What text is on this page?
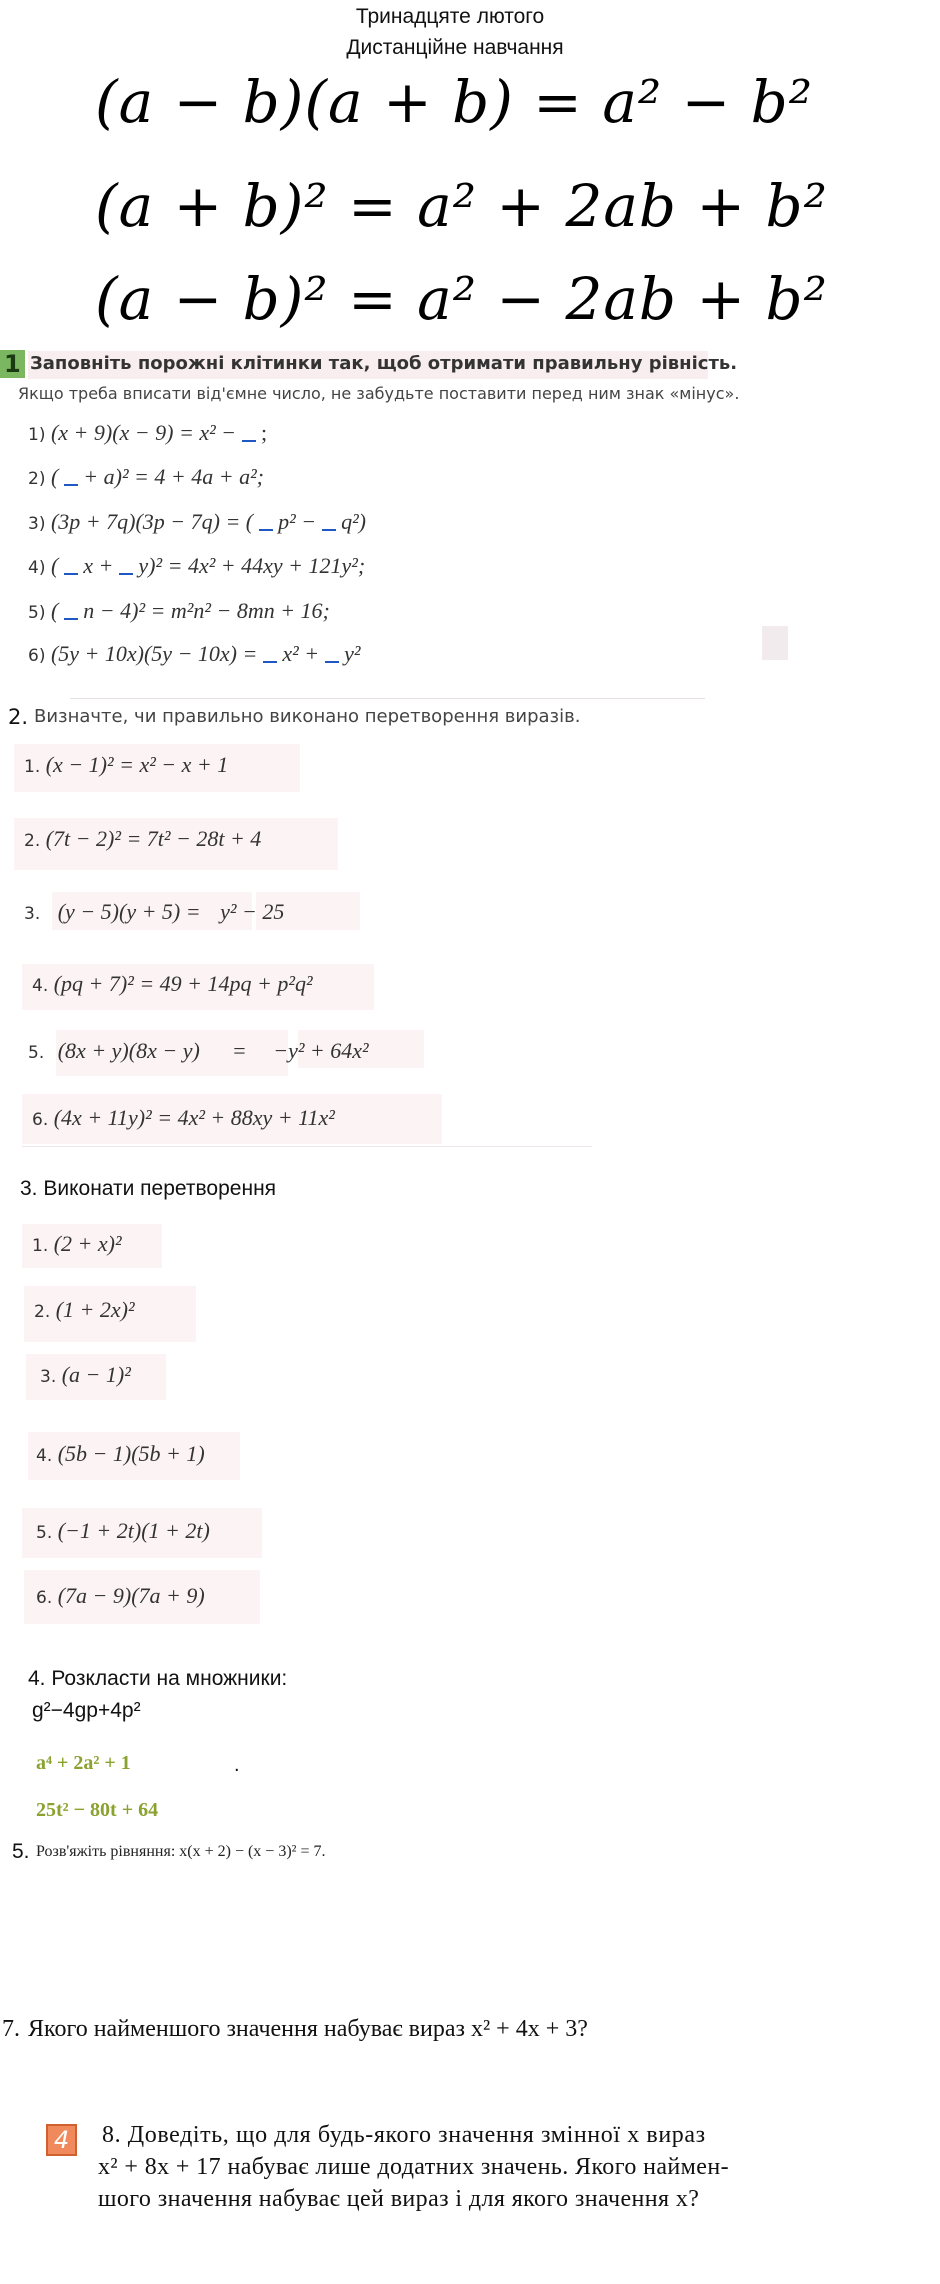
Тринадцяте лютого
Дистанційне навчання
(a − b)(a + b) = a² − b²
(a + b)² = a² + 2ab + b²
(a − b)² = a² − 2ab + b²
1 Заповніть порожні клітинки так, щоб отримати правильну рівність.
Якщо треба вписати від'ємне число, не забудьте поставити перед ним знак «мінус».
1) (x + 9)(x − 9) = x² −  ;
2) (  + a)² = 4 + 4a + a²;
3) (3p + 7q)(3p − 7q) = (  p² −  q²)
4) (  x +  y)² = 4x² + 44xy + 121y²;
5) (  n − 4)² = m²n² − 8mn + 16;
6) (5y + 10x)(5y − 10x) =  x² +  y²
2. Визначте, чи правильно виконано перетворення виразів.
1. (x − 1)² = x² − x + 1
2. (7t − 2)² = 7t² − 28t + 4
3. (y − 5)(y + 5) = y² − 25
4. (pq + 7)² = 49 + 14pq + p²q²
5. (8x + y)(8x − y) = −y² + 64x²
6. (4x + 11y)² = 4x² + 88xy + 11x²
3. Виконати перетворення
1. (2 + x)²
2. (1 + 2x)²
3. (a − 1)²
4. (5b − 1)(5b + 1)
5. (−1 + 2t)(1 + 2t)
6. (7a − 9)(7a + 9)
4. Розкласти на множники:
g²−4gp+4p²
a⁴ + 2a² + 1	.
25t² − 80t + 64
5. Розв'яжіть рівняння: x(x + 2) − (x − 3)² = 7.
7. Якого найменшого значення набуває вираз x² + 4x + 3?
4	8. Доведіть, що для будь-якого значення змінної x вираз
x² + 8x + 17 набуває лише додатних значень. Якого наймен-
шого значення набуває цей вираз і для якого значення x?
